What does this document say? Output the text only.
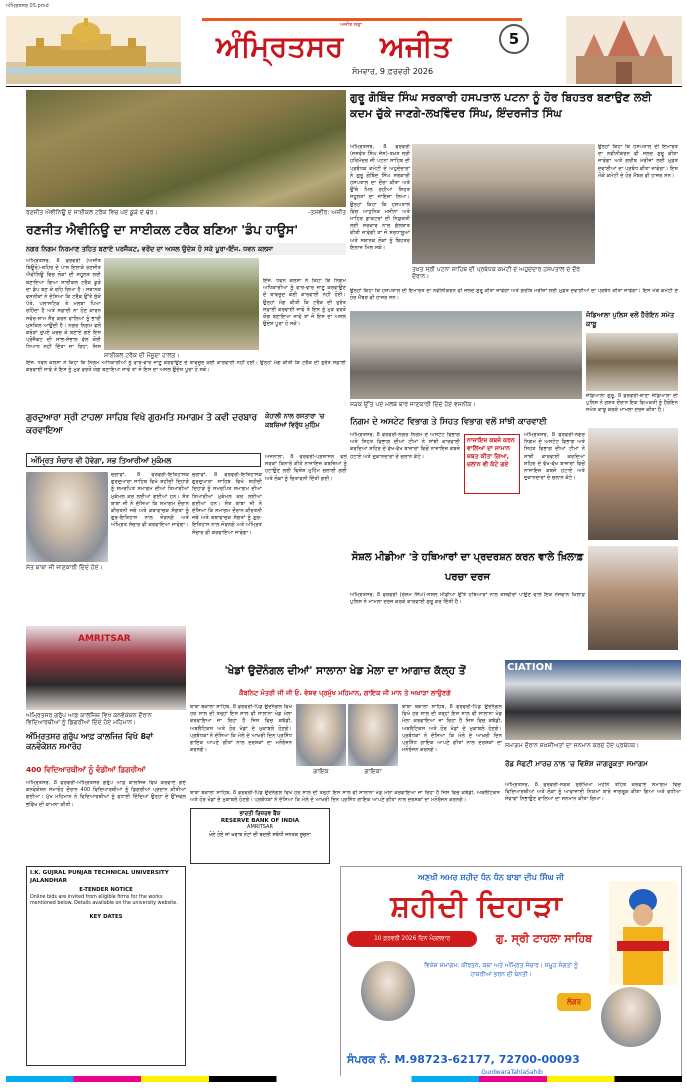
ਅੰਮ੍ਰਿਤਸਰ 05.pmd
ਅਜੀਤ ਸਫ਼ਾ
ਅੰਮ੍ਰਿਤਸਰ ਅਜੀਤ
ਸੋਮਵਾਰ, 9 ਫ਼ਰਵਰੀ 2026
5
ਰਣਜੀਤ ਐਵੀਨਿਊ ਦੇ ਸਾਈਕਲ ਟਰੈਕ ਵਿਚ ਪਏ ਕੂੜੇ ਦੇ ਢੇਰ।	-ਤਸਵੀਰ: ਅਜੀਤ
ਰਣਜੀਤ ਐਵੀਨਿਊ ਦਾ ਸਾਈਕਲ ਟਰੈਕ ਬਣਿਆ 'ਡੰਪ ਹਾਊਸ'
ਨਗਰ ਨਿਗਮ ਨਿਰਮਾਣ ਤਹਿਤ ਬਣਾਏ ਪਰਜੈਕਟ, ਵਰੋਂਦ ਦਾ ਅਸਲ ਉਦੇਸ਼ ਹੋ ਸਕੇ ਪੂਰਾ-ਇੰਜ. ਧਵਨ ਕਲਸਾ
ਅੰਮ੍ਰਿਤਸਰ, 8 ਫਰਵਰੀ (ਅਜੀਤ ਬਿਊਰੋ)-ਸ਼ਹਿਰ ਦੇ ਪਾਸ਼ ਇਲਾਕੇ ਰਣਜੀਤ ਐਵੀਨਿਊ ਵਿਚ ਲੋਕਾਂ ਦੀ ਸਹੂਲਤ ਲਈ ਬਣਾਇਆ ਗਿਆ ਸਾਈਕਲ ਟਰੈਕ ਕੂੜੇ ਦਾ ਡੰਪ ਬਣ ਕੇ ਰਹਿ ਗਿਆ ਹੈ। ਸਥਾਨਕ ਵਸਨੀਕਾਂ ਨੇ ਦੱਸਿਆ ਕਿ ਟਰੈਕ ਉੱਤੇ ਸੁੱਕੇ ਪੱਤੇ, ਪਲਾਸਟਿਕ ਤੇ ਮਲਬਾ ਪਿਆ ਰਹਿੰਦਾ ਹੈ ਅਤੇ ਸਫ਼ਾਈ ਨਾ ਹੋਣ ਕਾਰਨ ਸਵੇਰ-ਸ਼ਾਮ ਸੈਰ ਕਰਨ ਵਾਲਿਆਂ ਨੂੰ ਭਾਰੀ ਮੁਸ਼ਕਿਲ ਆਉਂਦੀ ਹੈ। ਨਗਰ ਨਿਗਮ ਵਲੋਂ ਕਰੋੜਾਂ ਰੁਪਏ ਖ਼ਰਚ ਕੇ ਬਣਾਏ ਗਏ ਇਸ ਪ੍ਰੋਜੈਕਟ ਦੀ ਸਾਂਭ-ਸੰਭਾਲ ਵੱਲ ਕੋਈ ਧਿਆਨ ਨਹੀਂ ਦਿੱਤਾ ਜਾ ਰਿਹਾ, ਜਿਸ
ਇੰਜ. ਧਵਨ ਕਲਸਾ ਨੇ ਕਿਹਾ ਕਿ ਨਿਗਮ ਅਧਿਕਾਰੀਆਂ ਨੂੰ ਵਾਰ-ਵਾਰ ਜਾਣੂ ਕਰਵਾਉਣ ਦੇ ਬਾਵਜੂਦ ਕੋਈ ਕਾਰਵਾਈ ਨਹੀਂ ਹੋਈ। ਉਨ੍ਹਾਂ ਮੰਗ ਕੀਤੀ ਕਿ ਟਰੈਕ ਦੀ ਤੁਰੰਤ ਸਫ਼ਾਈ ਕਰਵਾਈ ਜਾਵੇ ਤੇ ਇਸ ਨੂੰ ਮੁੜ ਵਰਤੋਂ ਯੋਗ ਬਣਾਇਆ ਜਾਵੇ ਤਾਂ ਜੋ ਇਸ ਦਾ ਅਸਲ ਉਦੇਸ਼ ਪੂਰਾ ਹੋ ਸਕੇ।
ਸਾਈਕਲ ਟਰੈਕ ਦੀ ਮੌਜੂਦਾ ਹਾਲਤ।
ਇੰਜ. ਧਵਨ ਕਲਸਾ ਨੇ ਕਿਹਾ ਕਿ ਨਿਗਮ ਅਧਿਕਾਰੀਆਂ ਨੂੰ ਵਾਰ-ਵਾਰ ਜਾਣੂ ਕਰਵਾਉਣ ਦੇ ਬਾਵਜੂਦ ਕੋਈ ਕਾਰਵਾਈ ਨਹੀਂ ਹੋਈ। ਉਨ੍ਹਾਂ ਮੰਗ ਕੀਤੀ ਕਿ ਟਰੈਕ ਦੀ ਤੁਰੰਤ ਸਫ਼ਾਈ ਕਰਵਾਈ ਜਾਵੇ ਤੇ ਇਸ ਨੂੰ ਮੁੜ ਵਰਤੋਂ ਯੋਗ ਬਣਾਇਆ ਜਾਵੇ ਤਾਂ ਜੋ ਇਸ ਦਾ ਅਸਲ ਉਦੇਸ਼ ਪੂਰਾ ਹੋ ਸਕੇ।
ਗੁਰੂ ਗੋਬਿੰਦ ਸਿੰਘ ਸਰਕਾਰੀ ਹਸਪਤਾਲ ਪਟਨਾ ਨੂੰ ਹੋਰ ਬਿਹਤਰ ਬਣਾਉਣ ਲਈ ਕਦਮ ਚੁੱਕੇ ਜਾਣਗੇ-ਲਖਵਿੰਦਰ ਸਿੰਘ, ਇੰਦਰਜੀਤ ਸਿੰਘ
ਅੰਮ੍ਰਿਤਸਰ, 8 ਫਰਵਰੀ (ਜਸਵੰਤ ਸਿੰਘ ਜੱਸ)-ਤਖ਼ਤ ਸ੍ਰੀ ਹਰਿਮੰਦਰ ਜੀ ਪਟਨਾ ਸਾਹਿਬ ਦੀ ਪ੍ਰਬੰਧਕ ਕਮੇਟੀ ਦੇ ਅਹੁਦੇਦਾਰਾਂ ਨੇ ਗੁਰੂ ਗੋਬਿੰਦ ਸਿੰਘ ਸਰਕਾਰੀ ਹਸਪਤਾਲ ਦਾ ਦੌਰਾ ਕੀਤਾ ਅਤੇ ਉੱਥੇ ਮਿਲ ਰਹੀਆਂ ਸਿਹਤ ਸਹੂਲਤਾਂ ਦਾ ਜਾਇਜ਼ਾ ਲਿਆ। ਉਨ੍ਹਾਂ ਕਿਹਾ ਕਿ ਹਸਪਤਾਲ ਵਿਚ ਆਧੁਨਿਕ ਮਸ਼ੀਨਾਂ ਅਤੇ ਮਾਹਿਰ ਡਾਕਟਰਾਂ ਦੀ ਨਿਯੁਕਤੀ ਲਈ ਸਰਕਾਰ ਨਾਲ ਗੱਲਬਾਤ ਕੀਤੀ ਜਾਵੇਗੀ ਤਾਂ ਜੋ ਸ਼ਰਧਾਲੂਆਂ ਅਤੇ ਸਥਾਨਕ ਲੋਕਾਂ ਨੂੰ ਬਿਹਤਰ ਇਲਾਜ ਮਿਲ ਸਕੇ।
ਤਖ਼ਤ ਸ੍ਰੀ ਪਟਨਾ ਸਾਹਿਬ ਦੀ ਪ੍ਰਬੰਧਕ ਕਮੇਟੀ ਦੇ ਅਹੁਦੇਦਾਰ ਹਸਪਤਾਲ ਦੇ ਦੌਰੇ ਦੌਰਾਨ।
ਉਨ੍ਹਾਂ ਕਿਹਾ ਕਿ ਹਸਪਤਾਲ ਦੀ ਇਮਾਰਤ ਦਾ ਨਵੀਨੀਕਰਨ ਵੀ ਜਲਦ ਸ਼ੁਰੂ ਕੀਤਾ ਜਾਵੇਗਾ ਅਤੇ ਗਰੀਬ ਮਰੀਜ਼ਾਂ ਲਈ ਮੁਫ਼ਤ ਦਵਾਈਆਂ ਦਾ ਪ੍ਰਬੰਧ ਕੀਤਾ ਜਾਵੇਗਾ। ਇਸ ਮੌਕੇ ਕਮੇਟੀ ਦੇ ਹੋਰ ਮੈਂਬਰ ਵੀ ਹਾਜ਼ਰ ਸਨ।
ਉਨ੍ਹਾਂ ਕਿਹਾ ਕਿ ਹਸਪਤਾਲ ਦੀ ਇਮਾਰਤ ਦਾ ਨਵੀਨੀਕਰਨ ਵੀ ਜਲਦ ਸ਼ੁਰੂ ਕੀਤਾ ਜਾਵੇਗਾ ਅਤੇ ਗਰੀਬ ਮਰੀਜ਼ਾਂ ਲਈ ਮੁਫ਼ਤ ਦਵਾਈਆਂ ਦਾ ਪ੍ਰਬੰਧ ਕੀਤਾ ਜਾਵੇਗਾ। ਇਸ ਮੌਕੇ ਕਮੇਟੀ ਦੇ ਹੋਰ ਮੈਂਬਰ ਵੀ ਹਾਜ਼ਰ ਸਨ।
ਜੰਡਿਆਲਾ ਪੁਲਿਸ ਵਲੋਂ ਹੈਰੋਇਨ ਸਮੇਤ ਕਾਬੂ
ਜੰਡਿਆਲਾ ਗੁਰੂ, 8 ਫਰਵਰੀ-ਥਾਣਾ ਜੰਡਿਆਲਾ ਦੀ ਪੁਲਿਸ ਨੇ ਗਸ਼ਤ ਦੌਰਾਨ ਇਕ ਵਿਅਕਤੀ ਨੂੰ ਹੈਰੋਇਨ ਸਮੇਤ ਕਾਬੂ ਕਰਕੇ ਮਾਮਲਾ ਦਰਜ ਕੀਤਾ ਹੈ।
ਸੜਕ ਉੱਤੇ ਪਏ ਮਲਬੇ ਬਾਰੇ ਜਾਣਕਾਰੀ ਦਿੰਦੇ ਹੋਏ ਵਸਨੀਕ।
ਨਿਗਮ ਦੇ ਅਸਟੇਟ ਵਿਭਾਗ ਤੇ ਸਿਹਤ ਵਿਭਾਗ ਵਲੋਂ ਸਾਂਝੀ ਕਾਰਵਾਈ
ਅੰਮ੍ਰਿਤਸਰ, 8 ਫਰਵਰੀ-ਨਗਰ ਨਿਗਮ ਦੇ ਅਸਟੇਟ ਵਿਭਾਗ ਅਤੇ ਸਿਹਤ ਵਿਭਾਗ ਦੀਆਂ ਟੀਮਾਂ ਨੇ ਸਾਂਝੀ ਕਾਰਵਾਈ ਕਰਦਿਆਂ ਸ਼ਹਿਰ ਦੇ ਵੱਖ-ਵੱਖ ਬਾਜ਼ਾਰਾਂ ਵਿਚੋਂ ਨਾਜਾਇਜ਼ ਕਬਜ਼ੇ ਹਟਾਏ ਅਤੇ ਦੁਕਾਨਦਾਰਾਂ ਦੇ ਚਲਾਨ ਕੱਟੇ।
ਨਾਜਾਇਜ਼ ਕਬਜ਼ੇ ਕਰਨ ਵਾਲਿਆਂ ਦਾ ਸਾਮਾਨ ਜ਼ਬਤ ਕੀਤਾ ਗਿਆ, ਚਲਾਨ ਵੀ ਕੱਟੇ ਗਏ
ਅੰਮ੍ਰਿਤਸਰ, 8 ਫਰਵਰੀ-ਨਗਰ ਨਿਗਮ ਦੇ ਅਸਟੇਟ ਵਿਭਾਗ ਅਤੇ ਸਿਹਤ ਵਿਭਾਗ ਦੀਆਂ ਟੀਮਾਂ ਨੇ ਸਾਂਝੀ ਕਾਰਵਾਈ ਕਰਦਿਆਂ ਸ਼ਹਿਰ ਦੇ ਵੱਖ-ਵੱਖ ਬਾਜ਼ਾਰਾਂ ਵਿਚੋਂ ਨਾਜਾਇਜ਼ ਕਬਜ਼ੇ ਹਟਾਏ ਅਤੇ ਦੁਕਾਨਦਾਰਾਂ ਦੇ ਚਲਾਨ ਕੱਟੇ।
ਸੋਸ਼ਲ ਮੀਡੀਆ 'ਤੇ ਹਥਿਆਰਾਂ ਦਾ ਪ੍ਰਦਰਸ਼ਨ ਕਰਨ ਵਾਲੇ ਖ਼ਿਲਾਫ਼ ਪਰਚਾ ਦਰਜ
ਅੰਮ੍ਰਿਤਸਰ, 8 ਫਰਵਰੀ (ਰੇਸ਼ਮ ਸਿੰਘ)-ਸੋਸ਼ਲ ਮੀਡੀਆ ਉੱਤੇ ਹਥਿਆਰਾਂ ਨਾਲ ਤਸਵੀਰਾਂ ਪਾਉਣ ਵਾਲੇ ਇਕ ਨੌਜਵਾਨ ਖ਼ਿਲਾਫ਼ ਪੁਲਿਸ ਨੇ ਮਾਮਲਾ ਦਰਜ ਕਰਕੇ ਕਾਰਵਾਈ ਸ਼ੁਰੂ ਕਰ ਦਿੱਤੀ ਹੈ।
ਗੁਰਦੁਆਰਾ ਸ੍ਰੀ ਟਾਹਲਾ ਸਾਹਿਬ ਵਿਖੇ ਗੁਰਮਤਿ ਸਮਾਗਮ ਤੇ ਕਵੀ ਦਰਬਾਰ ਕਰਵਾਇਆ
ਅੰਮ੍ਰਿਤ ਸੰਚਾਰ ਵੀ ਹੋਵੇਗਾ, ਸਭ ਤਿਆਰੀਆਂ ਮੁਕੰਮਲ
ਚੋਗਾਵਾਂ, 8 ਫਰਵਰੀ-ਇਤਿਹਾਸਕ ਗੁਰਦੁਆਰਾ ਸਾਹਿਬ ਵਿਖੇ ਸ਼ਹੀਦੀ ਦਿਹਾੜੇ ਨੂੰ ਸਮਰਪਿਤ ਸਮਾਗਮ ਦੀਆਂ ਤਿਆਰੀਆਂ ਮੁਕੰਮਲ ਕਰ ਲਈਆਂ ਗਈਆਂ ਹਨ। ਸੰਤ ਬਾਬਾ ਜੀ ਨੇ ਦੱਸਿਆ ਕਿ ਸਮਾਗਮ ਦੌਰਾਨ ਕੀਰਤਨੀ ਜਥੇ ਅਤੇ ਕਥਾਵਾਚਕ ਸੰਗਤਾਂ ਨੂੰ ਗੁਰ-ਇਤਿਹਾਸ ਨਾਲ ਜੋੜਨਗੇ ਅਤੇ ਅੰਮ੍ਰਿਤ ਸੰਚਾਰ ਵੀ ਕਰਵਾਇਆ ਜਾਵੇਗਾ।
ਚੋਗਾਵਾਂ, 8 ਫਰਵਰੀ-ਇਤਿਹਾਸਕ ਗੁਰਦੁਆਰਾ ਸਾਹਿਬ ਵਿਖੇ ਸ਼ਹੀਦੀ ਦਿਹਾੜੇ ਨੂੰ ਸਮਰਪਿਤ ਸਮਾਗਮ ਦੀਆਂ ਤਿਆਰੀਆਂ ਮੁਕੰਮਲ ਕਰ ਲਈਆਂ ਗਈਆਂ ਹਨ। ਸੰਤ ਬਾਬਾ ਜੀ ਨੇ ਦੱਸਿਆ ਕਿ ਸਮਾਗਮ ਦੌਰਾਨ ਕੀਰਤਨੀ ਜਥੇ ਅਤੇ ਕਥਾਵਾਚਕ ਸੰਗਤਾਂ ਨੂੰ ਗੁਰ-ਇਤਿਹਾਸ ਨਾਲ ਜੋੜਨਗੇ ਅਤੇ ਅੰਮ੍ਰਿਤ ਸੰਚਾਰ ਵੀ ਕਰਵਾਇਆ ਜਾਵੇਗਾ।
ਸੰਤ ਬਾਬਾ ਜੀ ਜਾਣਕਾਰੀ ਦਿੰਦੇ ਹੋਏ।
ਕੋਹਾਲੀ ਨਾਲ ਰਸਤਾਰਾ 'ਚ ਕਬਜ਼ਿਆਂ ਵਿਰੁੱਧ ਮੁਹਿੰਮ
ਅਜਨਾਲਾ, 8 ਫਰਵਰੀ-ਪ੍ਰਸ਼ਾਸਨ ਵਲੋਂ ਸੜਕਾਂ ਕਿਨਾਰੇ ਕੀਤੇ ਨਾਜਾਇਜ਼ ਕਬਜ਼ਿਆਂ ਨੂੰ ਹਟਾਉਣ ਲਈ ਵਿਸ਼ੇਸ਼ ਮੁਹਿੰਮ ਚਲਾਈ ਗਈ ਅਤੇ ਲੋਕਾਂ ਨੂੰ ਚਿਤਾਵਨੀ ਦਿੱਤੀ ਗਈ।
AMRITSAR
ਅੰਮ੍ਰਿਤਸਰ ਗਰੁੱਪ ਆਫ਼ ਕਾਲਜਿਜ਼ ਵਿਖੇ ਕਨਵੋਕੇਸ਼ਨ ਦੌਰਾਨ ਵਿਦਿਆਰਥੀਆਂ ਨੂੰ ਡਿਗਰੀਆਂ ਦਿੰਦੇ ਹੋਏ ਮਹਿਮਾਨ।
ਅੰਮ੍ਰਿਤਸਰ ਗਰੁੱਪ ਆਫ਼ ਕਾਲਜਿਜ਼ ਵਿਖੇ 8ਵਾਂ ਕਨਵੋਕੇਸ਼ਨ ਸਮਾਰੋਹ
400 ਵਿਦਿਆਰਥੀਆਂ ਨੂੰ ਵੰਡੀਆਂ ਡਿਗਰੀਆਂ
ਅੰਮ੍ਰਿਤਸਰ, 8 ਫਰਵਰੀ-ਅੰਮ੍ਰਿਤਸਰ ਗਰੁੱਪ ਆਫ਼ ਕਾਲਜਿਜ਼ ਵਿਖੇ ਕਰਵਾਏ ਗਏ ਕਨਵੋਕੇਸ਼ਨ ਸਮਾਰੋਹ ਦੌਰਾਨ 400 ਵਿਦਿਆਰਥੀਆਂ ਨੂੰ ਡਿਗਰੀਆਂ ਪ੍ਰਦਾਨ ਕੀਤੀਆਂ ਗਈਆਂ। ਮੁੱਖ ਮਹਿਮਾਨ ਨੇ ਵਿਦਿਆਰਥੀਆਂ ਨੂੰ ਵਧਾਈ ਦਿੰਦਿਆਂ ਉਨ੍ਹਾਂ ਦੇ ਉੱਜਵਲ ਭਵਿੱਖ ਦੀ ਕਾਮਨਾ ਕੀਤੀ।
'ਖੇਡਾਂ ਉਦੋਂਨੰਗਲ ਦੀਆਂ' ਸਾਲਾਨਾ ਖੇਡ ਮੇਲਾ ਦਾ ਆਗਾਜ਼ ਕੱਲ੍ਹ ਤੋਂ
ਕੈਬਨਿਟ ਮੰਤਰੀ ਜੀ ਜੀ ਓ. ਵੇਸ਼ਵ ਪ੍ਰਮੁੱਖ ਮਹਿਮਾਨ, ਗਾਇਕ ਜੀ ਮਾਨ ਤੇ ਅਖ਼ਾੜਾ ਲਾਉਣਗੇ
ਬਾਬਾ ਬਕਾਲਾ ਸਾਹਿਬ, 8 ਫਰਵਰੀ-ਪਿੰਡ ਉਦੋਂਨੰਗਲ ਵਿਖੇ ਹਰ ਸਾਲ ਦੀ ਤਰ੍ਹਾਂ ਇਸ ਸਾਲ ਵੀ ਸਾਲਾਨਾ ਖੇਡ ਮੇਲਾ ਕਰਵਾਇਆ ਜਾ ਰਿਹਾ ਹੈ ਜਿਸ ਵਿਚ ਕਬੱਡੀ, ਅਥਲੈਟਿਕਸ ਅਤੇ ਹੋਰ ਖੇਡਾਂ ਦੇ ਮੁਕਾਬਲੇ ਹੋਣਗੇ। ਪ੍ਰਬੰਧਕਾਂ ਨੇ ਦੱਸਿਆ ਕਿ ਮੇਲੇ ਦੇ ਆਖ਼ਰੀ ਦਿਨ ਪ੍ਰਸਿੱਧ ਗਾਇਕ ਆਪਣੇ ਗੀਤਾਂ ਨਾਲ ਦਰਸ਼ਕਾਂ ਦਾ ਮਨੋਰੰਜਨ ਕਰਨਗੇ।
ਗਾਇਕ	ਗਾਇਕਾ
ਬਾਬਾ ਬਕਾਲਾ ਸਾਹਿਬ, 8 ਫਰਵਰੀ-ਪਿੰਡ ਉਦੋਂਨੰਗਲ ਵਿਖੇ ਹਰ ਸਾਲ ਦੀ ਤਰ੍ਹਾਂ ਇਸ ਸਾਲ ਵੀ ਸਾਲਾਨਾ ਖੇਡ ਮੇਲਾ ਕਰਵਾਇਆ ਜਾ ਰਿਹਾ ਹੈ ਜਿਸ ਵਿਚ ਕਬੱਡੀ, ਅਥਲੈਟਿਕਸ ਅਤੇ ਹੋਰ ਖੇਡਾਂ ਦੇ ਮੁਕਾਬਲੇ ਹੋਣਗੇ। ਪ੍ਰਬੰਧਕਾਂ ਨੇ ਦੱਸਿਆ ਕਿ ਮੇਲੇ ਦੇ ਆਖ਼ਰੀ ਦਿਨ ਪ੍ਰਸਿੱਧ ਗਾਇਕ ਆਪਣੇ ਗੀਤਾਂ ਨਾਲ ਦਰਸ਼ਕਾਂ ਦਾ ਮਨੋਰੰਜਨ ਕਰਨਗੇ।
ਬਾਬਾ ਬਕਾਲਾ ਸਾਹਿਬ, 8 ਫਰਵਰੀ-ਪਿੰਡ ਉਦੋਂਨੰਗਲ ਵਿਖੇ ਹਰ ਸਾਲ ਦੀ ਤਰ੍ਹਾਂ ਇਸ ਸਾਲ ਵੀ ਸਾਲਾਨਾ ਖੇਡ ਮੇਲਾ ਕਰਵਾਇਆ ਜਾ ਰਿਹਾ ਹੈ ਜਿਸ ਵਿਚ ਕਬੱਡੀ, ਅਥਲੈਟਿਕਸ ਅਤੇ ਹੋਰ ਖੇਡਾਂ ਦੇ ਮੁਕਾਬਲੇ ਹੋਣਗੇ। ਪ੍ਰਬੰਧਕਾਂ ਨੇ ਦੱਸਿਆ ਕਿ ਮੇਲੇ ਦੇ ਆਖ਼ਰੀ ਦਿਨ ਪ੍ਰਸਿੱਧ ਗਾਇਕ ਆਪਣੇ ਗੀਤਾਂ ਨਾਲ ਦਰਸ਼ਕਾਂ ਦਾ ਮਨੋਰੰਜਨ ਕਰਨਗੇ।
CIATION
ਸਮਾਗਮ ਦੌਰਾਨ ਸ਼ਖ਼ਸੀਅਤਾਂ ਦਾ ਸਨਮਾਨ ਕਰਦੇ ਹੋਏ ਪ੍ਰਬੰਧਕ।
ਰੋਡ ਸੇਫਟੀ ਮਾਰਚ ਨਾਲ 'ਚ ਵਿਸ਼ੇਸ਼ ਜਾਗਰੂਕਤਾ ਸਮਾਗਮ
ਅੰਮ੍ਰਿਤਸਰ, 8 ਫਰਵਰੀ-ਸੜਕ ਸੁਰੱਖਿਆ ਮਹੀਨੇ ਤਹਿਤ ਕਰਵਾਏ ਸਮਾਗਮ ਵਿਚ ਵਿਦਿਆਰਥੀਆਂ ਅਤੇ ਲੋਕਾਂ ਨੂੰ ਆਵਾਜਾਈ ਨਿਯਮਾਂ ਬਾਰੇ ਜਾਗਰੂਕ ਕੀਤਾ ਗਿਆ ਅਤੇ ਵਧੀਆ ਸੇਵਾਵਾਂ ਨਿਭਾਉਣ ਵਾਲਿਆਂ ਦਾ ਸਨਮਾਨ ਕੀਤਾ ਗਿਆ।
ਭਾਰਤੀ ਰਿਜ਼ਰਵ ਬੈਂਕ
RESERVE BANK OF INDIA
AMRITSAR
ਖੋਏ ਹੋਏ ਜਾਂ ਖ਼ਰਾਬ ਨੋਟਾਂ ਦੀ ਬਦਲੀ ਸਬੰਧੀ ਜਨਤਕ ਸੂਚਨਾ
I.K. GUJRAL PUNJAB TECHNICAL UNIVERSITY JALANDHAR
E-TENDER NOTICE
Online bids are invited from eligible firms for the works mentioned below. Details available on the university website.
KEY DATES
ਅਣਖੀ ਅਮਰ ਸ਼ਹੀਦ ਧੰਨ ਧੰਨ ਬਾਬਾ ਦੀਪ ਸਿੰਘ ਜੀ
ਸ਼ਹੀਦੀ ਦਿਹਾੜਾ
10 ਫ਼ਰਵਰੀ 2026 ਦਿਨ ਮੰਗਲਵਾਰ	ਗੁ. ਸ੍ਰੀ ਟਾਹਲਾ ਸਾਹਿਬ
ਵਿਸ਼ੇਸ਼ ਸਮਾਗਮ: ਕੀਰਤਨ, ਕਥਾ ਅਤੇ ਅੰਮ੍ਰਿਤ ਸੰਚਾਰ। ਸਮੂਹ ਸੰਗਤਾਂ ਨੂੰ ਹਾਜ਼ਰੀਆਂ ਭਰਨ ਦੀ ਬੇਨਤੀ।
ਲੰਗਰ
ਸੰਪਰਕ ਨੰ. M.98723-62177, 72700-00093
GurdwaraTahlaSahib
